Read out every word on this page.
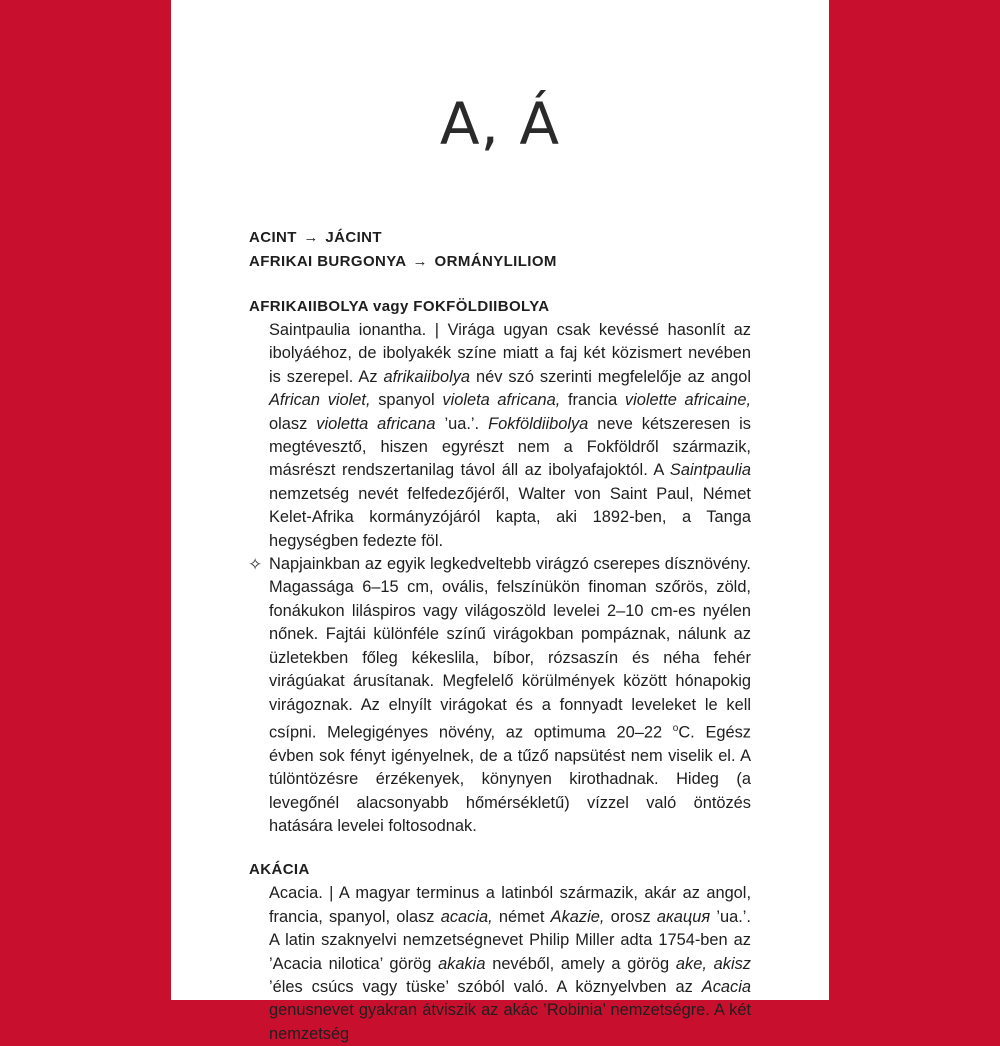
A, Á

ACINT → JÁCINT

AFRIKAI BURGONYA → ORMÁNYLILIOM

AFRIKAIIBOLYA vagy FOKFÖLDIIBOLYA

Saintpaulia ionantha. | Virága ugyan csak kevéssé hasonlít az ibolyáéhoz, de ibolyakék színe miatt a faj két közismert nevében is szerepel. Az afrikaiibolya név szó szerinti megfelelője az angol African violet, spanyol violeta africana, francia violette africaine, olasz violetta africana ’ua.’. Fokföldiibolya neve kétszeresen is megtévesztő, hiszen egyrészt nem a Fokföldről származik, másrészt rendszertanilag távol áll az ibolyafajoktól. A Saintpaulia nemzetség nevét felfedezőjéről, Walter von Saint Paul, Német Kelet-Afrika kormányzójáról kapta, aki 1892-ben, a Tanga hegységben fedezte föl.

✧ Napjainkban az egyik legkedveltebb virágzó cserepes dísznövény. Magassága 6–15 cm, ovális, felszínükön finoman szőrös, zöld, fonákukon liláspiros vagy világoszöld levelei 2–10 cm-es nyélen nőnek. Fajtái különféle színű virágokban pompáznak, nálunk az üzletekben főleg kékeslila, bíbor, rózsaszín és néha fehér virágúakat árusítanak. Megfelelő körülmények között hónapokig virágoznak. Az elnyílt virágokat és a fonnyadt leveleket le kell csípni. Melegigényes növény, az optimuma 20–22 $^o$C. Egész évben sok fényt igényelnek, de a tűző napsütést nem viselik el. A túlöntözésre érzékenyek, könynyen kirothadnak. Hideg (a levegőnél alacsonyabb hőmérsékletű) vízzel való öntözés hatására levelei foltosodnak.

AKÁCIA

Acacia. | A magyar terminus a latinból származik, akár az angol, francia, spanyol, olasz acacia, német Akazie, orosz акация ’ua.’. A latin szaknyelvi nemzetségnevet Philip Miller adta 1754-ben az ’Acacia nilotica’ görög akakia nevéből, amely a görög ake, akisz ’éles csúcs vagy tüske’ szóból való. A köznyelvben az Acacia genusnevet gyakran átviszik az akác ’Robinia’ nemzetségre. A két nemzetség
